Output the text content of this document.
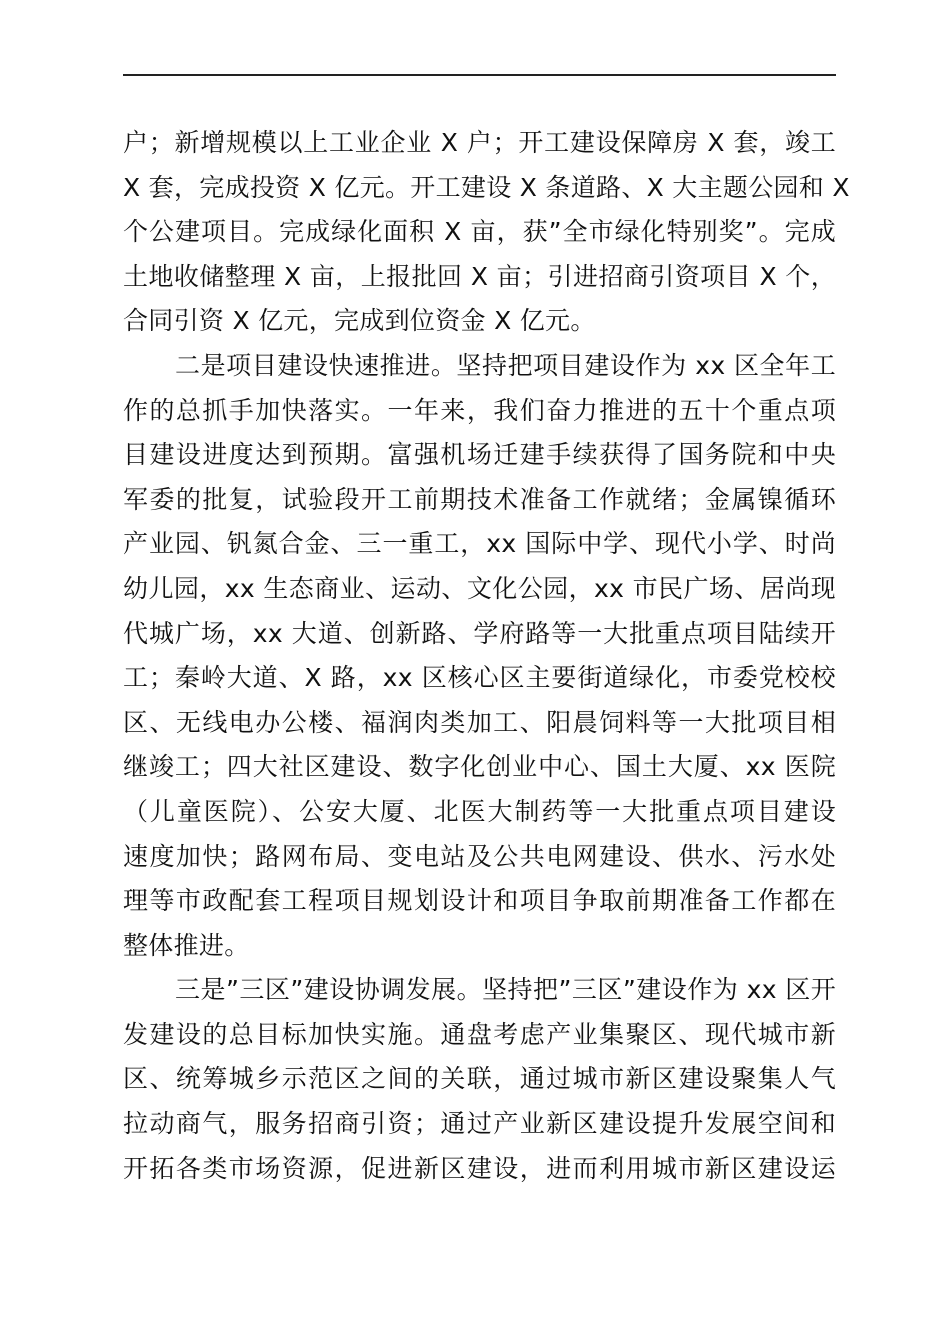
户；新增规模以上工业企业 X 户；开工建设保障房 X 套，竣工
X 套，完成投资 X 亿元。开工建设 X 条道路、X 大主题公园和 X
个公建项目。完成绿化面积 X 亩，获”全市绿化特别奖”。完成
土地收储整理 X 亩，上报批回 X 亩；引进招商引资项目 X 个，
合同引资 X 亿元，完成到位资金 X 亿元。
二是项目建设快速推进。坚持把项目建设作为 xx 区全年工
作的总抓手加快落实。一年来，我们奋力推进的五十个重点项
目建设进度达到预期。富强机场迁建手续获得了国务院和中央
军委的批复，试验段开工前期技术准备工作就绪；金属镍循环
产业园、钒氮合金、三一重工，xx 国际中学、现代小学、时尚
幼儿园，xx 生态商业、运动、文化公园，xx 市民广场、居尚现
代城广场，xx 大道、创新路、学府路等一大批重点项目陆续开
工；秦岭大道、X 路，xx 区核心区主要街道绿化，市委党校校
区、无线电办公楼、福润肉类加工、阳晨饲料等一大批项目相
继竣工；四大社区建设、数字化创业中心、国土大厦、xx 医院
（儿童医院）、公安大厦、北医大制药等一大批重点项目建设
速度加快；路网布局、变电站及公共电网建设、供水、污水处
理等市政配套工程项目规划设计和项目争取前期准备工作都在
整体推进。
三是”三区”建设协调发展。坚持把”三区”建设作为 xx 区开
发建设的总目标加快实施。通盘考虑产业集聚区、现代城市新
区、统筹城乡示范区之间的关联，通过城市新区建设聚集人气
拉动商气，服务招商引资；通过产业新区建设提升发展空间和
开拓各类市场资源，促进新区建设，进而利用城市新区建设运
